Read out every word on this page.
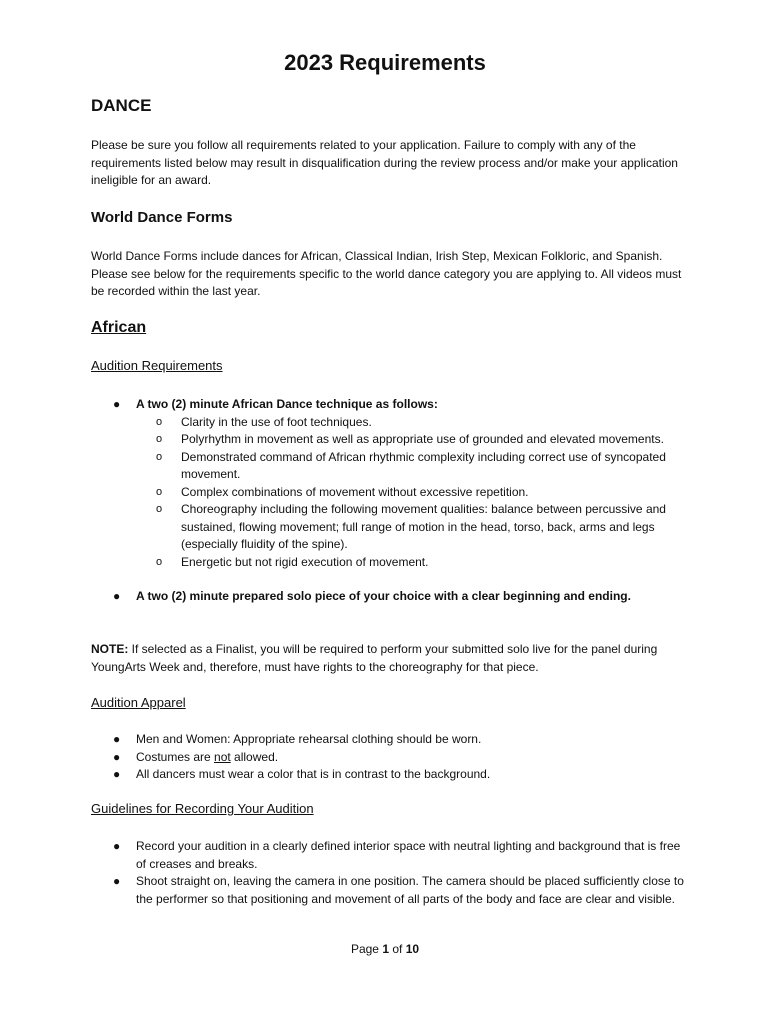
2023 Requirements
DANCE
Please be sure you follow all requirements related to your application. Failure to comply with any of the requirements listed below may result in disqualification during the review process and/or make your application ineligible for an award.
World Dance Forms
World Dance Forms include dances for African, Classical Indian, Irish Step, Mexican Folkloric, and Spanish. Please see below for the requirements specific to the world dance category you are applying to. All videos must be recorded within the last year.
African
Audition Requirements
● A two (2) minute African Dance technique as follows:
o Clarity in the use of foot techniques.
o Polyrhythm in movement as well as appropriate use of grounded and elevated movements.
o Demonstrated command of African rhythmic complexity including correct use of syncopated movement.
o Complex combinations of movement without excessive repetition.
o Choreography including the following movement qualities: balance between percussive and sustained, flowing movement; full range of motion in the head, torso, back, arms and legs (especially fluidity of the spine).
o Energetic but not rigid execution of movement.
● A two (2) minute prepared solo piece of your choice with a clear beginning and ending.
NOTE: If selected as a Finalist, you will be required to perform your submitted solo live for the panel during YoungArts Week and, therefore, must have rights to the choreography for that piece.
Audition Apparel
● Men and Women: Appropriate rehearsal clothing should be worn.
● Costumes are not allowed.
● All dancers must wear a color that is in contrast to the background.
Guidelines for Recording Your Audition
● Record your audition in a clearly defined interior space with neutral lighting and background that is free of creases and breaks.
● Shoot straight on, leaving the camera in one position. The camera should be placed sufficiently close to the performer so that positioning and movement of all parts of the body and face are clear and visible.
Page 1 of 10
